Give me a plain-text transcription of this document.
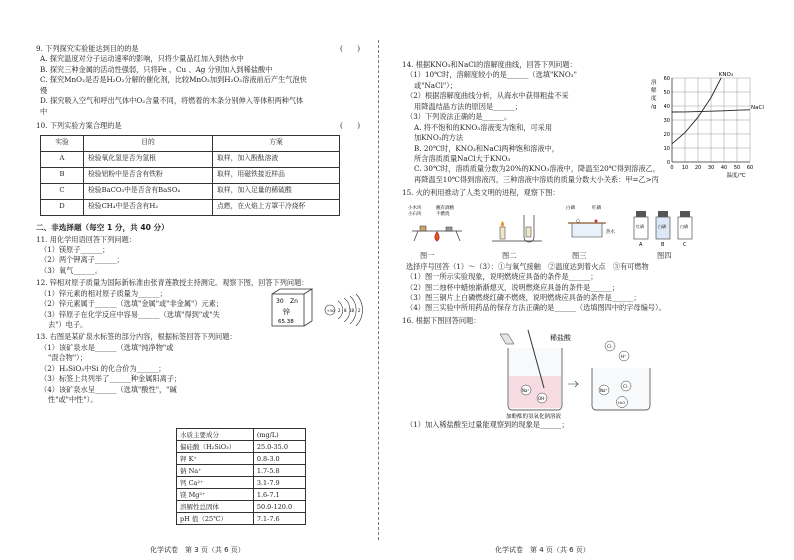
9. 下列探究实验能达到目的的是	(　　)

A. 探究温度对分子运动速率的影响，只将少量品红加入到热水中

B. 探究三种金属的活动性强弱，只将Fe 、Cu 、Ag 分别加入到稀盐酸中

C. 探究MnO₂是否是H₂O₂分解的催化剂，比较MnO₂加到H₂O₂溶液前后产生气泡快

慢

D. 探究吸入空气和呼出气体中O₂含量不同，将燃着的木条分别伸入等体积两种气体

中

10. 下列实验方案合理的是	(　　)
实验	目的	方案
A	检验氧化氢是否为氢根	取样，加入酚酞溶液
B	检验铝粉中是否含有铁粉	取样，用磁铁接近样品
C	检验BaCO₃中是否含有BaSO₄	取样，加入足量的稀硫酸
D	检验CH₄中是否含有H₂	点燃，在火焰上方罩干冷烧杯

二、非选择题（每空 1 分，共 40 分）

11. 用化学用语回答下列问题：

（1）镁原子______；

（2）两个钾离子______；

（3）氧气______。

12. 锌相对原子质量为国际新标准由张青莲教授主持测定。观察下图，回答下列问题：

（1）锌元素的相对原子质量为______；

（2）锌元素属于______（选填"金属"或"非金属"）元素；

（3）锌原子在化学反应中容易______（选填"得到"或"失

去"）电子。

30 Zn
锌
65.38
+30 2 8 18 2

13. 右图是某矿泉水标签的部分内容，根据标签回答下列问题：

（1）该矿泉水是______（选填"纯净物"或

"混合物"）；

（2）H₂SiO₃中Si 的化合价为______；

（3）标签上共列举了______种金属阳离子；

（4）该矿泉水呈______（选填"酸性"，"碱

性"或"中性"）。

水质主要成分	(mg/L)
偏硅酸（H₂SiO₃）	25.0-35.0
钾 K⁺	0.8-3.0
钠 Na⁺	1.7-5.8
钙 Ca²⁺	3.1-7.9
镁 Mg²⁺	1.6-7.1
溶解性总固体	50.0-120.0
pH 值（25℃）	7.1-7.6
化学试卷　第 3 页（共 6 页）

14. 根据KNO₃和NaCl的溶解度曲线，回答下列问题：

（1）10℃时，溶解度较小的是______（选填"KNO₃"

或"NaCl"）；

（2）根据溶解度曲线分析，从海水中获得粗盐不采

用降温结晶方法的原因是______；

（3）下列说法正确的是______。

A. 将不饱和的KNO₃溶液变为饱和，可采用

加KNO₃的方法

B. 20℃时，KNO₃和NaCl两种饱和溶液中，

所含溶质质量NaCl大于KNO₃

C. 30℃时，溶质质量分数为20%的KNO₃溶液中，降温至20℃得到溶液乙，

再降温至10℃得到溶液丙，三种溶液中溶质的质量分数大小关系：甲=乙>丙

15. 火的利用推动了人类文明的进程，观察下图：

小木块
小石块
蘸有酒精
不燃烧
白磷
热水
红磷
红磷	白磷	白磷
A	B	C
图一	图二	图三	图四

选择序号回答（1）～（3）：①与氧气接触　②温度达到着火点　③有可燃物

（1）图一所示实验现象，说明燃烧应具备的条件是______；

（2）图二烛杯中蜡烛渐渐熄灭，说明燃烧应具备的条件是______；

（3）图三铜片上白磷燃烧红磷不燃烧，说明燃烧应具备的条件是______；

（4）图三实验中所用药品的保存方法正确的是______（选填图四中的字母编号）。

16. 根据下图回答问题：

稀盐酸
Na⁺
OH⁻
Cl⁻
H⁺
Na⁺
Cl⁻
H₂O
加酚酞的氢氧化钠溶液

（1）加入稀盐酸至过量能观察到的现象是______；

0
10
20
30
40
50
60
0 10 20 30 40 50 60
溶
解
度
/g
温度/℃
KNO₃
NaCl
化学试卷　第 4 页（共 6 页）
